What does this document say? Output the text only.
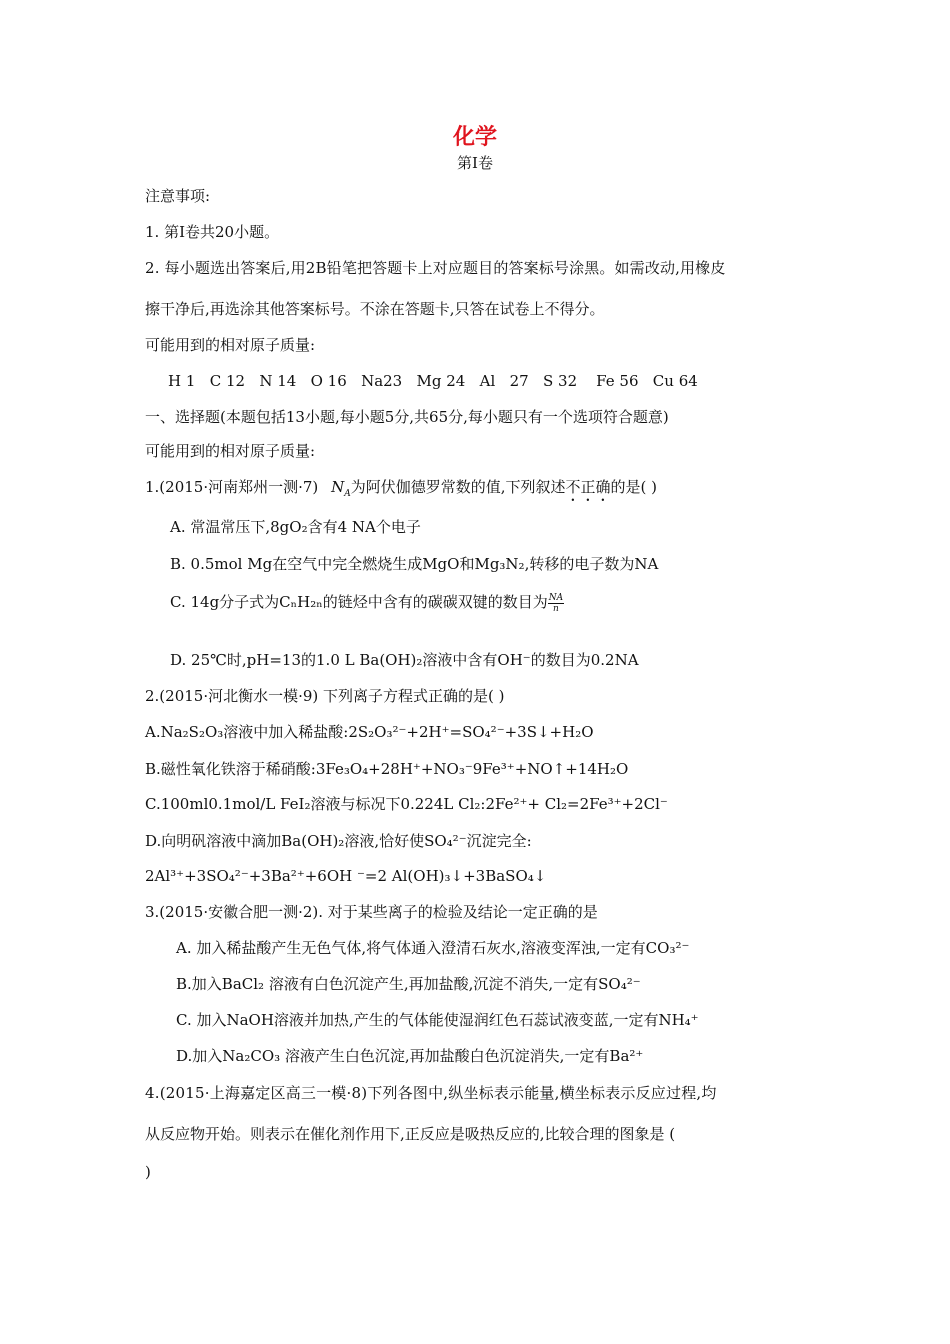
化学
第Ⅰ卷
注意事项:
1. 第Ⅰ卷共20小题。
2. 每小题选出答案后,用2B铅笔把答题卡上对应题目的答案标号涂黑。如需改动,用橡皮
擦干净后,再选涂其他答案标号。不涂在答题卡,只答在试卷上不得分。
可能用到的相对原子质量:
H 1   C 12   N 14   O 16   Na23   Mg 24   Al   27   S 32    Fe 56   Cu 64
一、选择题(本题包括13小题,每小题5分,共65分,每小题只有一个选项符合题意)
可能用到的相对原子质量:
1.(2015·河南郑州一测·7) $N_A$为阿伏伽德罗常数的值,下列叙述不正确的是( )
A. 常温常压下,8gO₂含有4 NA个电子
B. 0.5mol Mg在空气中完全燃烧生成MgO和Mg₃N₂,转移的电子数为NA
C. 14g分子式为CₙH₂ₙ的链烃中含有的碳碳双键的数目为 $\frac{NA}{n}$
D. 25℃时,pH=13的1.0 L Ba(OH)₂溶液中含有OH⁻的数目为0.2NA
2.(2015·河北衡水一模·9) 下列离子方程式正确的是( )
A.Na₂S₂O₃溶液中加入稀盐酸:2S₂O₃²⁻+2H⁺=SO₄²⁻+3S↓+H₂O
B.磁性氧化铁溶于稀硝酸:3Fe₃O₄+28H⁺+NO₃⁻9Fe³⁺+NO↑+14H₂O
C.100ml0.1mol/L FeI₂溶液与标况下0.224L Cl₂:2Fe²⁺+ Cl₂=2Fe³⁺+2Cl⁻
D.向明矾溶液中滴加Ba(OH)₂溶液,恰好使SO₄²⁻沉淀完全:
2Al³⁺+3SO₄²⁻+3Ba²⁺+6OH ⁻=2 Al(OH)₃↓+3BaSO₄↓
3.(2015·安徽合肥一测·2). 对于某些离子的检验及结论一定正确的是
A. 加入稀盐酸产生无色气体,将气体通入澄清石灰水,溶液变浑浊,一定有CO₃²⁻
B.加入BaCl₂ 溶液有白色沉淀产生,再加盐酸,沉淀不消失,一定有SO₄²⁻
C. 加入NaOH溶液并加热,产生的气体能使湿润红色石蕊试液变蓝,一定有NH₄⁺
D.加入Na₂CO₃ 溶液产生白色沉淀,再加盐酸白色沉淀消失,一定有Ba²⁺
4.(2015·上海嘉定区高三一模·8)下列各图中,纵坐标表示能量,横坐标表示反应过程,均
从反应物开始。则表示在催化剂作用下,正反应是吸热反应的,比较合理的图象是 (
)
